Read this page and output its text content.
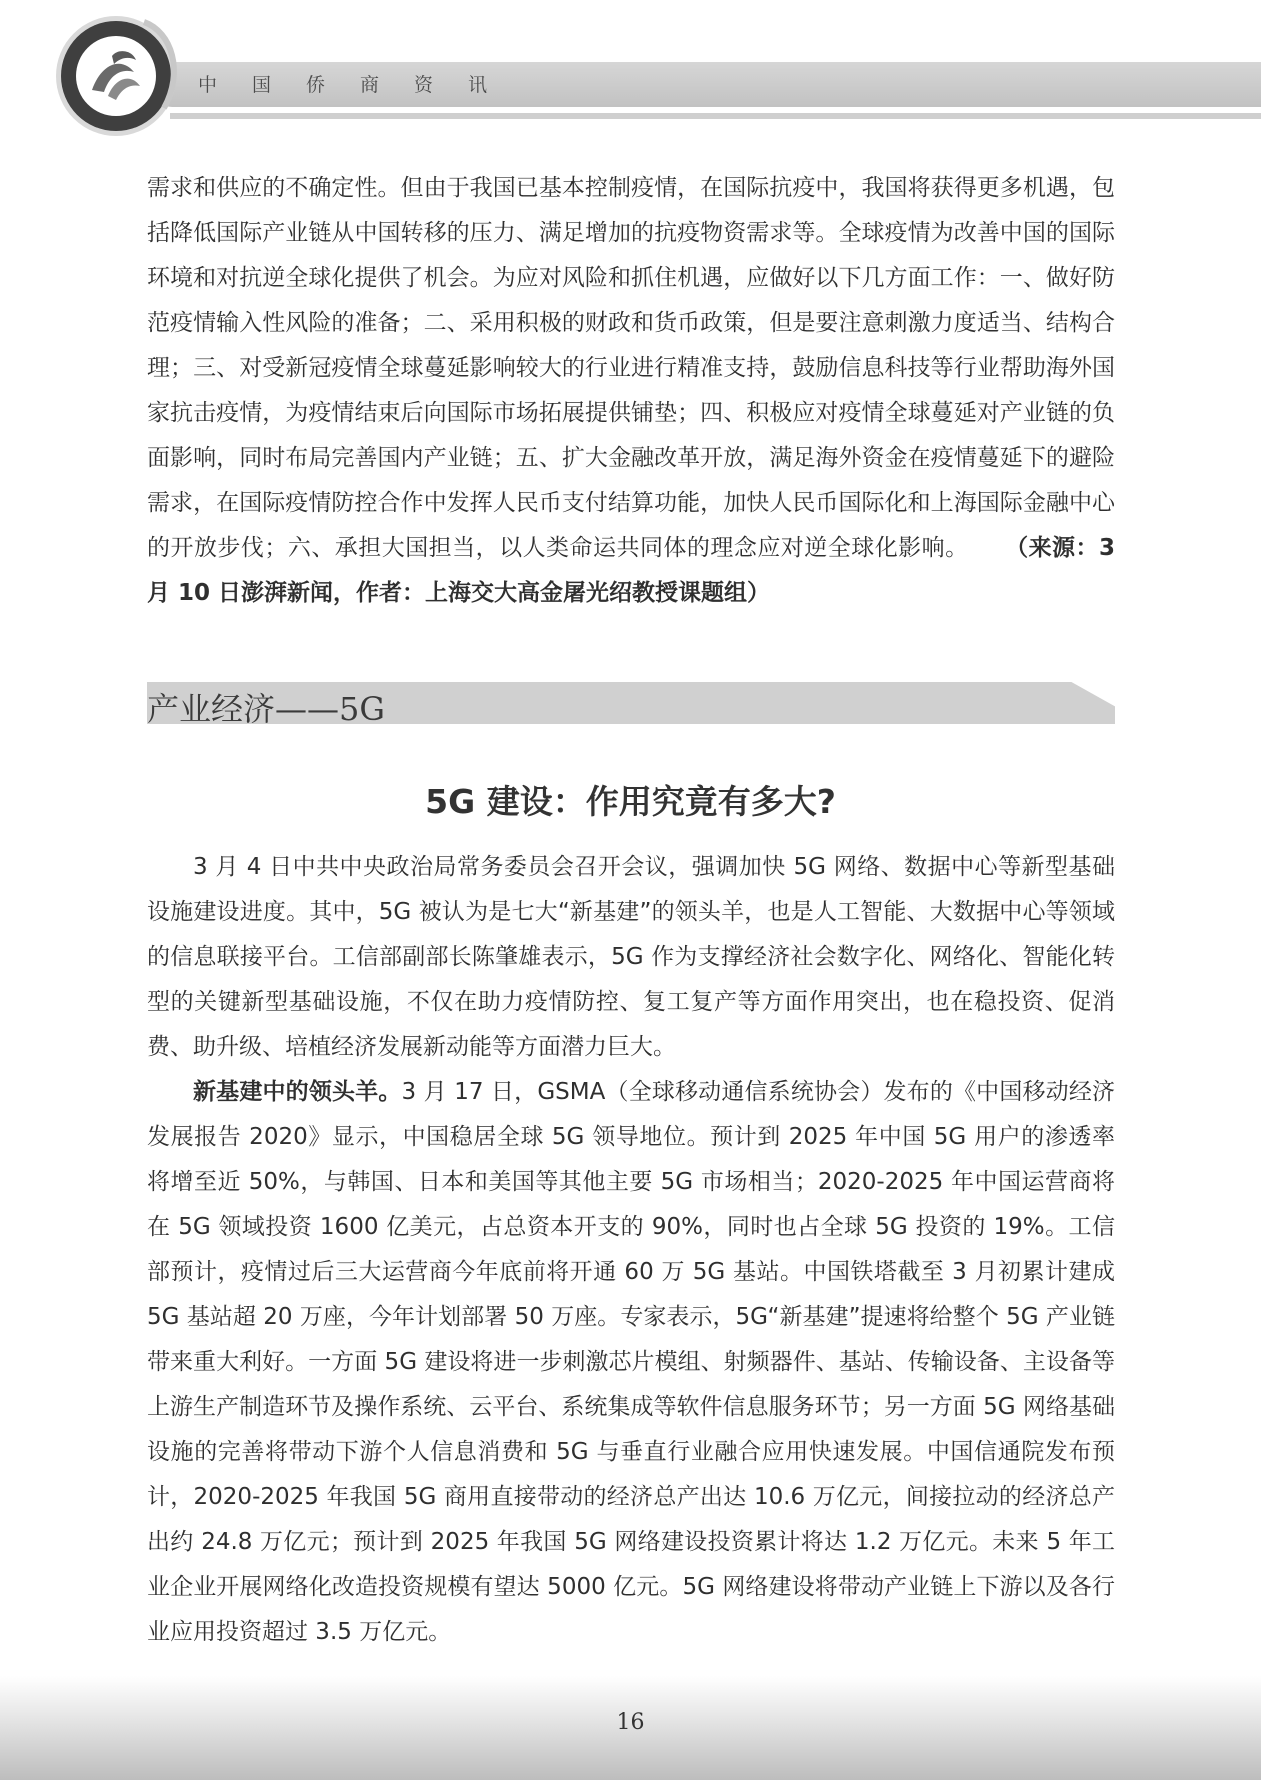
中国侨商资讯

需求和供应的不确定性。但由于我国已基本控制疫情，在国际抗疫中，我国将获得更多机遇，包括降低国际产业链从中国转移的压力、满足增加的抗疫物资需求等。全球疫情为改善中国的国际环境和对抗逆全球化提供了机会。为应对风险和抓住机遇，应做好以下几方面工作：一、做好防范疫情输入性风险的准备；二、采用积极的财政和货币政策，但是要注意刺激力度适当、结构合理；三、对受新冠疫情全球蔓延影响较大的行业进行精准支持，鼓励信息科技等行业帮助海外国家抗击疫情，为疫情结束后向国际市场拓展提供铺垫；四、积极应对疫情全球蔓延对产业链的负面影响，同时布局完善国内产业链；五、扩大金融改革开放，满足海外资金在疫情蔓延下的避险需求，在国际疫情防控合作中发挥人民币支付结算功能，加快人民币国际化和上海国际金融中心的开放步伐；六、承担大国担当，以人类命运共同体的理念应对逆全球化影响。 （来源：3 月 10 日澎湃新闻，作者：上海交大高金屠光绍教授课题组）

产业经济——5G
5G 建设：作用究竟有多大?

3 月 4 日中共中央政治局常务委员会召开会议，强调加快 5G 网络、数据中心等新型基础设施建设进度。其中，5G 被认为是七大“新基建”的领头羊，也是人工智能、大数据中心等领域的信息联接平台。工信部副部长陈肇雄表示，5G 作为支撑经济社会数字化、网络化、智能化转型的关键新型基础设施，不仅在助力疫情防控、复工复产等方面作用突出，也在稳投资、促消费、助升级、培植经济发展新动能等方面潜力巨大。

新基建中的领头羊。3 月 17 日，GSMA（全球移动通信系统协会）发布的《中国移动经济发展报告 2020》显示，中国稳居全球 5G 领导地位。预计到 2025 年中国 5G 用户的渗透率将增至近 50%，与韩国、日本和美国等其他主要 5G 市场相当；2020-2025 年中国运营商将在 5G 领域投资 1600 亿美元，占总资本开支的 90%，同时也占全球 5G 投资的 19%。工信部预计，疫情过后三大运营商今年底前将开通 60 万 5G 基站。中国铁塔截至 3 月初累计建成 5G 基站超 20 万座，今年计划部署 50 万座。专家表示，5G“新基建”提速将给整个 5G 产业链带来重大利好。一方面 5G 建设将进一步刺激芯片模组、射频器件、基站、传输设备、主设备等上游生产制造环节及操作系统、云平台、系统集成等软件信息服务环节；另一方面 5G 网络基础设施的完善将带动下游个人信息消费和 5G 与垂直行业融合应用快速发展。中国信通院发布预计，2020-2025 年我国 5G 商用直接带动的经济总产出达 10.6 万亿元，间接拉动的经济总产出约 24.8 万亿元；预计到 2025 年我国 5G 网络建设投资累计将达 1.2 万亿元。未来 5 年工业企业开展网络化改造投资规模有望达 5000 亿元。5G 网络建设将带动产业链上下游以及各行业应用投资超过 3.5 万亿元。

16
